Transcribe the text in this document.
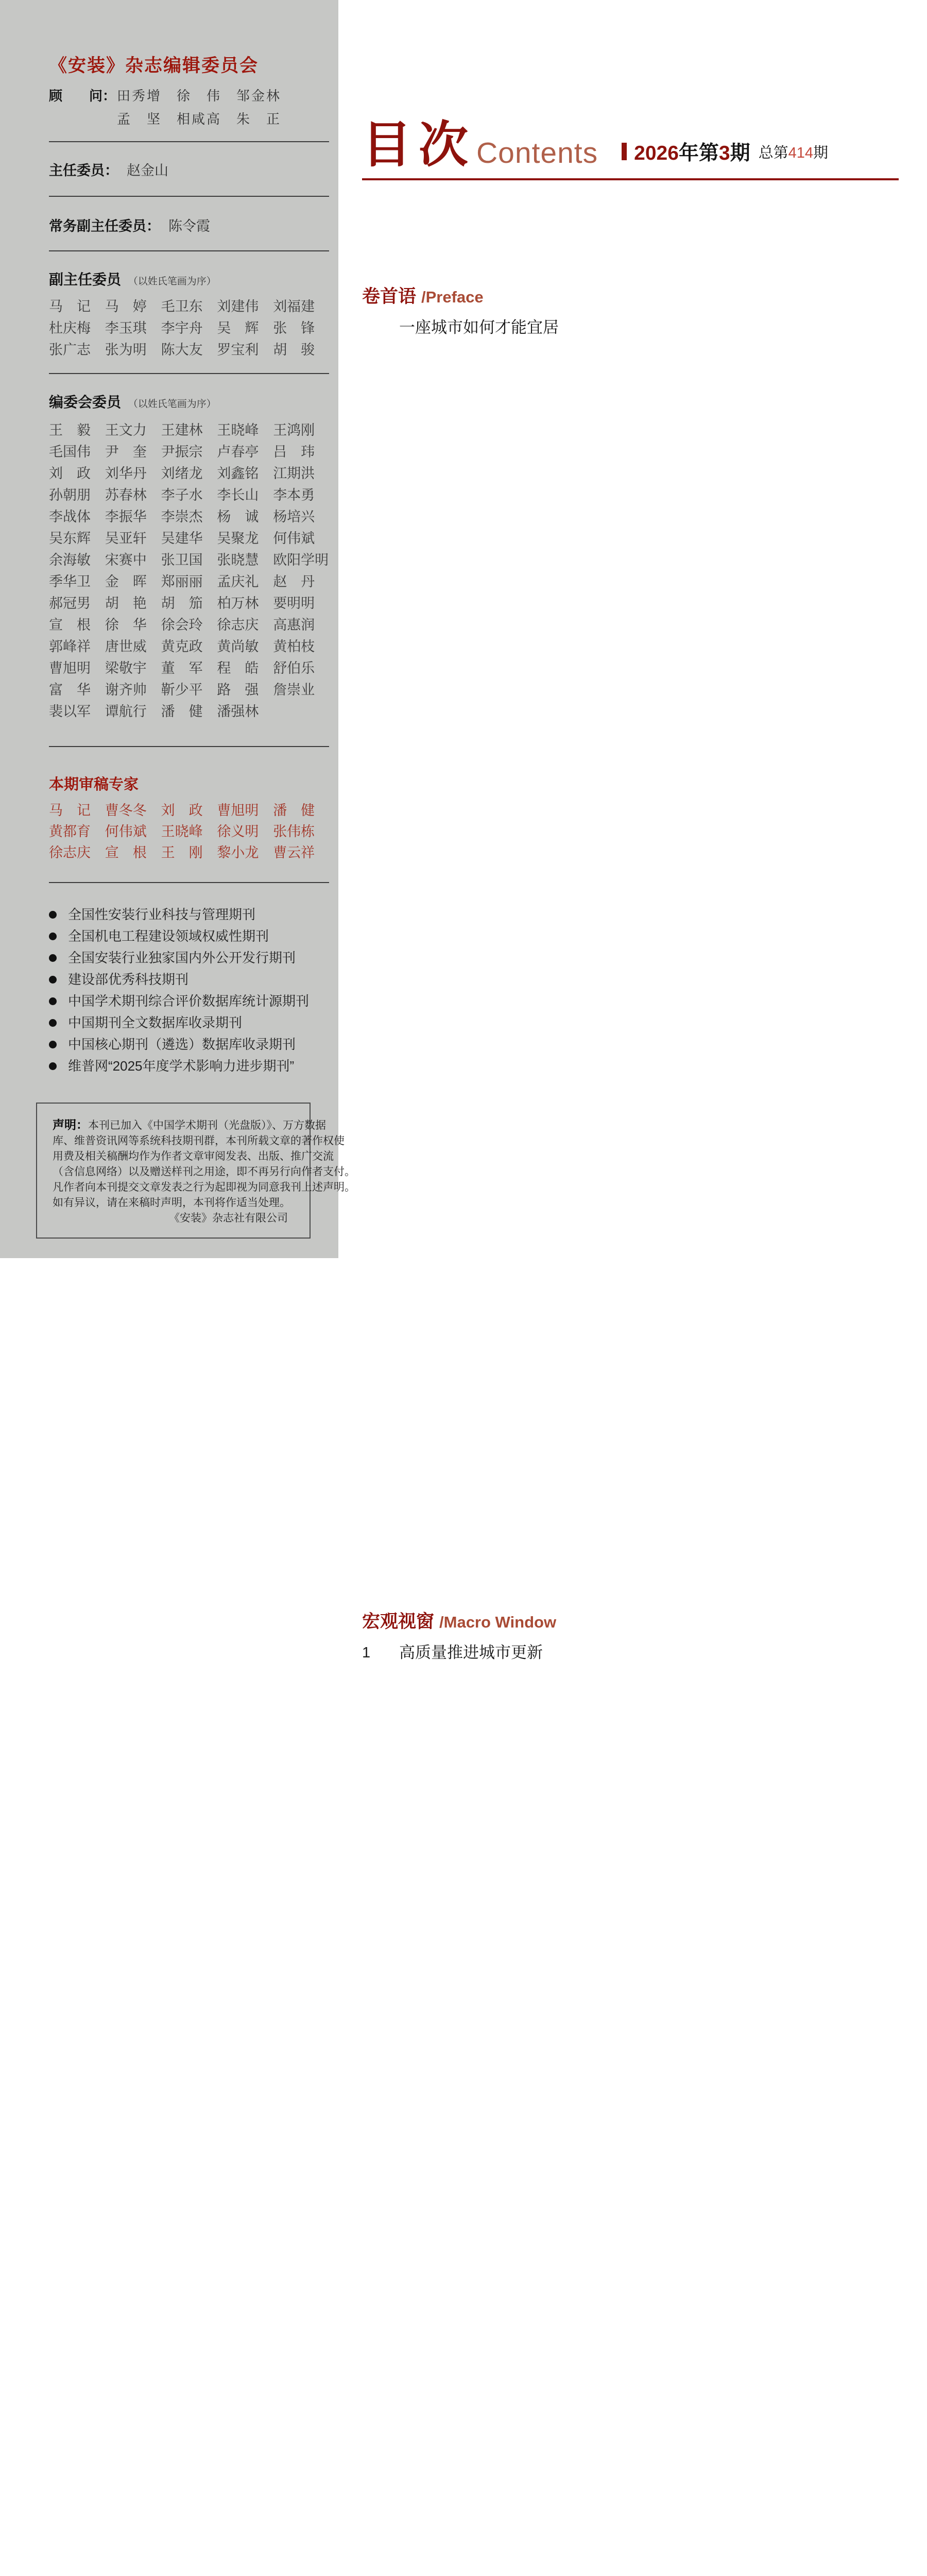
《安装》杂志编辑委员会
顾　　问： 田秀增　徐　伟　邹金林
孟　坚　相咸高　朱　正
主任委员： 赵金山
常务副主任委员： 陈令霞
副主任委员 （以姓氏笔画为序）
马　记	马　婷	毛卫东	刘建伟	刘福建
杜庆梅	李玉琪	李宇舟	吴　辉	张　锋
张广志	张为明	陈大友	罗宝利	胡　骏
编委会委员 （以姓氏笔画为序）
王　毅	王文力	王建林	王晓峰	王鸿刚
毛国伟	尹　奎	尹振宗	卢春亭	吕　玮
刘　政	刘华丹	刘绪龙	刘鑫铭	江期洪
孙朝朋	苏春林	李子水	李长山	李本勇
李战体	李振华	李崇杰	杨　诚	杨培兴
吴东辉	吴亚轩	吴建华	吴聚龙	何伟斌
余海敏	宋赛中	张卫国	张晓慧	欧阳学明
季华卫	金　晖	郑丽丽	孟庆礼	赵　丹
郝冠男	胡　艳	胡　笳	柏万林	要明明
宣　根	徐　华	徐会玲	徐志庆	高惠润
郭峰祥	唐世威	黄克政	黄尚敏	黄柏枝
曹旭明	梁敬宇	董　军	程　皓	舒伯乐
富　华	谢齐帅	靳少平	路　强	詹崇业
裴以军	谭航行	潘　健	潘强林
本期审稿专家
马　记	曹冬冬	刘　政	曹旭明	潘　健
黄都育	何伟斌	王晓峰	徐义明	张伟栋
徐志庆	宣　根	王　刚	黎小龙	曹云祥
全国性安装行业科技与管理期刊
全国机电工程建设领域权威性期刊
全国安装行业独家国内外公开发行期刊
建设部优秀科技期刊
中国学术期刊综合评价数据库统计源期刊
中国期刊全文数据库收录期刊
中国核心期刊（遴选）数据库收录期刊
维普网“2025年度学术影响力进步期刊”
声明：本刊已加入《中国学术期刊（光盘版）》、万方数据
库、维普资讯网等系统科技期刊群，本刊所载文章的著作权使
用费及相关稿酬均作为作者文章审阅发表、出版、推广交流
（含信息网络）以及赠送样刊之用途，即不再另行向作者支付。
凡作者向本刊提交文章发表之行为起即视为同意我刊上述声明。
如有异议，请在来稿时声明，本刊将作适当处理。
《安装》杂志社有限公司
目次 Contents 2026年第3期 总第414期
卷首语 /Preface
一座城市如何才能宜居
宏观视窗 /Macro Window
1	高质量推进城市更新
